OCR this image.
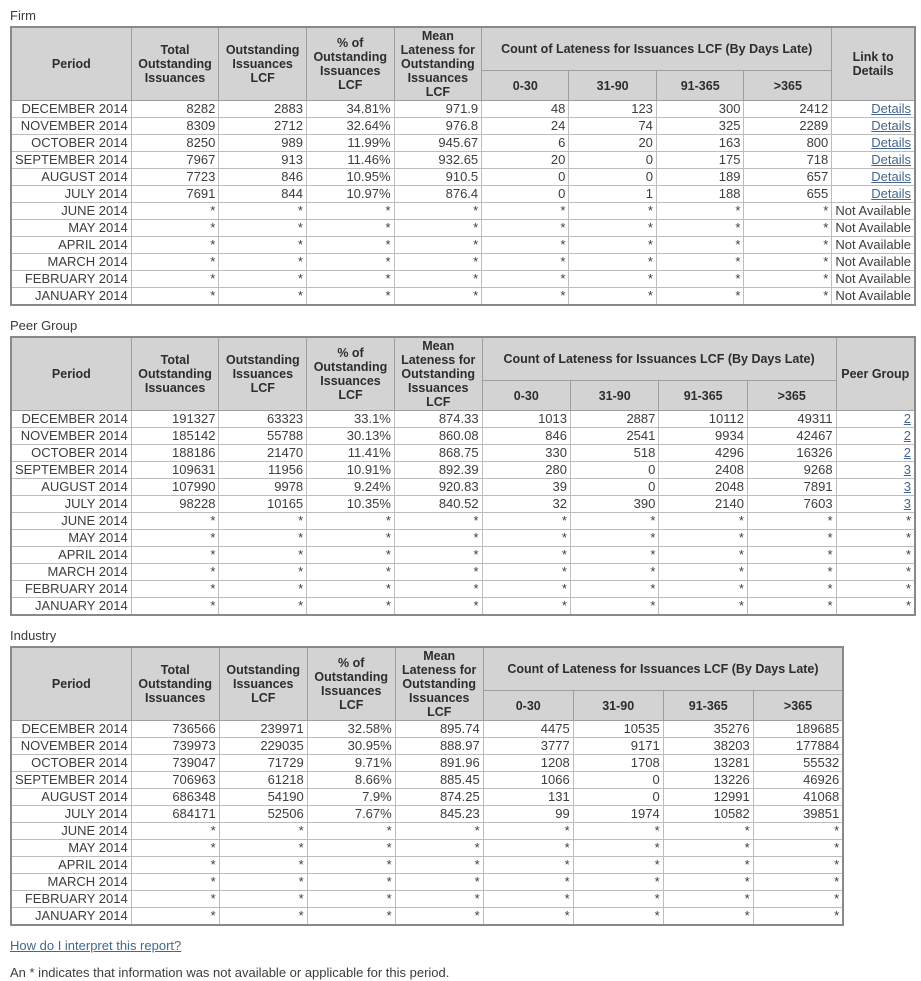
Firm
Period	Total Outstanding Issuances	Outstanding Issuances LCF	% of Outstanding Issuances LCF	Mean Lateness for Outstanding Issuances LCF	Count of Lateness for Issuances LCF (By Days Late)				Link to Details
					0-30	31-90	91-365	>365	
DECEMBER 2014	8282	2883	34.81%	971.9	48	123	300	2412	Details
NOVEMBER 2014	8309	2712	32.64%	976.8	24	74	325	2289	Details
OCTOBER 2014	8250	989	11.99%	945.67	6	20	163	800	Details
SEPTEMBER 2014	7967	913	11.46%	932.65	20	0	175	718	Details
AUGUST 2014	7723	846	10.95%	910.5	0	0	189	657	Details
JULY 2014	7691	844	10.97%	876.4	0	1	188	655	Details
JUNE 2014	*	*	*	*	*	*	*	*	Not Available
MAY 2014	*	*	*	*	*	*	*	*	Not Available
APRIL 2014	*	*	*	*	*	*	*	*	Not Available
MARCH 2014	*	*	*	*	*	*	*	*	Not Available
FEBRUARY 2014	*	*	*	*	*	*	*	*	Not Available
JANUARY 2014	*	*	*	*	*	*	*	*	Not Available
Peer Group
Period	Total Outstanding Issuances	Outstanding Issuances LCF	% of Outstanding Issuances LCF	Mean Lateness for Outstanding Issuances LCF	Count of Lateness for Issuances LCF (By Days Late)				Peer Group
					0-30	31-90	91-365	>365	
DECEMBER 2014	191327	63323	33.1%	874.33	1013	2887	10112	49311	2
NOVEMBER 2014	185142	55788	30.13%	860.08	846	2541	9934	42467	2
OCTOBER 2014	188186	21470	11.41%	868.75	330	518	4296	16326	2
SEPTEMBER 2014	109631	11956	10.91%	892.39	280	0	2408	9268	3
AUGUST 2014	107990	9978	9.24%	920.83	39	0	2048	7891	3
JULY 2014	98228	10165	10.35%	840.52	32	390	2140	7603	3
JUNE 2014	*	*	*	*	*	*	*	*	*
MAY 2014	*	*	*	*	*	*	*	*	*
APRIL 2014	*	*	*	*	*	*	*	*	*
MARCH 2014	*	*	*	*	*	*	*	*	*
FEBRUARY 2014	*	*	*	*	*	*	*	*	*
JANUARY 2014	*	*	*	*	*	*	*	*	*
Industry
Period	Total Outstanding Issuances	Outstanding Issuances LCF	% of Outstanding Issuances LCF	Mean Lateness for Outstanding Issuances LCF	Count of Lateness for Issuances LCF (By Days Late)			
					0-30	31-90	91-365	>365
DECEMBER 2014	736566	239971	32.58%	895.74	4475	10535	35276	189685
NOVEMBER 2014	739973	229035	30.95%	888.97	3777	9171	38203	177884
OCTOBER 2014	739047	71729	9.71%	891.96	1208	1708	13281	55532
SEPTEMBER 2014	706963	61218	8.66%	885.45	1066	0	13226	46926
AUGUST 2014	686348	54190	7.9%	874.25	131	0	12991	41068
JULY 2014	684171	52506	7.67%	845.23	99	1974	10582	39851
JUNE 2014	*	*	*	*	*	*	*	*
MAY 2014	*	*	*	*	*	*	*	*
APRIL 2014	*	*	*	*	*	*	*	*
MARCH 2014	*	*	*	*	*	*	*	*
FEBRUARY 2014	*	*	*	*	*	*	*	*
JANUARY 2014	*	*	*	*	*	*	*	*
How do I interpret this report?
An * indicates that information was not available or applicable for this period.
